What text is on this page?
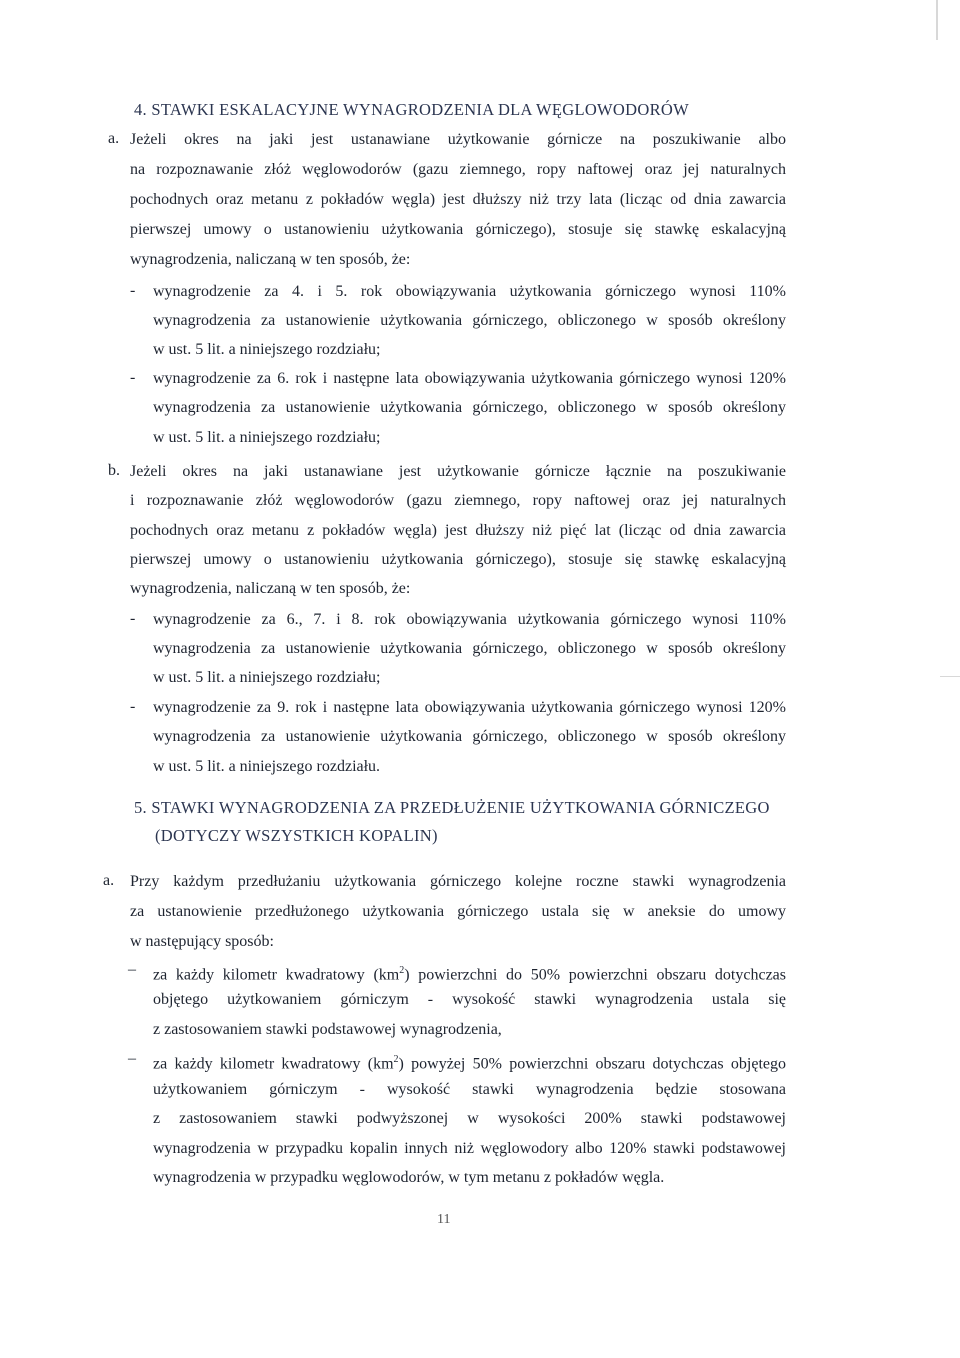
4. STAWKI ESKALACYJNE WYNAGRODZENIA DLA WĘGLOWODORÓW
a. Jeżeli okres na jaki jest ustanawiane użytkowanie górnicze na poszukiwanie albo
na rozpoznawanie złóż węglowodorów (gazu ziemnego, ropy naftowej oraz jej naturalnych
pochodnych oraz metanu z pokładów węgla) jest dłuższy niż trzy lata (licząc od dnia zawarcia
pierwszej umowy o ustanowieniu użytkowania górniczego), stosuje się stawkę eskalacyjną
wynagrodzenia, naliczaną w ten sposób, że:
- wynagrodzenie za 4. i 5. rok obowiązywania użytkowania górniczego wynosi 110%
wynagrodzenia za ustanowienie użytkowania górniczego, obliczonego w sposób określony
w ust. 5 lit. a niniejszego rozdziału;
- wynagrodzenie za 6. rok i następne lata obowiązywania użytkowania górniczego wynosi 120%
wynagrodzenia za ustanowienie użytkowania górniczego, obliczonego w sposób określony
w ust. 5 lit. a niniejszego rozdziału;
b. Jeżeli okres na jaki ustanawiane jest użytkowanie górnicze łącznie na poszukiwanie
i rozpoznawanie złóż węglowodorów (gazu ziemnego, ropy naftowej oraz jej naturalnych
pochodnych oraz metanu z pokładów węgla) jest dłuższy niż pięć lat (licząc od dnia zawarcia
pierwszej umowy o ustanowieniu użytkowania górniczego), stosuje się stawkę eskalacyjną
wynagrodzenia, naliczaną w ten sposób, że:
- wynagrodzenie za 6., 7. i 8. rok obowiązywania użytkowania górniczego wynosi 110%
wynagrodzenia za ustanowienie użytkowania górniczego, obliczonego w sposób określony
w ust. 5 lit. a niniejszego rozdziału;
- wynagrodzenie za 9. rok i następne lata obowiązywania użytkowania górniczego wynosi 120%
wynagrodzenia za ustanowienie użytkowania górniczego, obliczonego w sposób określony
w ust. 5 lit. a niniejszego rozdziału.
5. STAWKI WYNAGRODZENIA ZA PRZEDŁUŻENIE UŻYTKOWANIA GÓRNICZEGO
(DOTYCZY WSZYSTKICH KOPALIN)
a. Przy każdym przedłużaniu użytkowania górniczego kolejne roczne stawki wynagrodzenia
za ustanowienie przedłużonego użytkowania górniczego ustala się w aneksie do umowy
w następujący sposób:
– za każdy kilometr kwadratowy $(km^2)$ powierzchni do 50% powierzchni obszaru dotychczas
objętego użytkowaniem górniczym - wysokość stawki wynagrodzenia ustala się
z zastosowaniem stawki podstawowej wynagrodzenia,
– za każdy kilometr kwadratowy $(km^2)$ powyżej 50% powierzchni obszaru dotychczas objętego
użytkowaniem górniczym - wysokość stawki wynagrodzenia będzie stosowana
z zastosowaniem stawki podwyższonej w wysokości 200% stawki podstawowej
wynagrodzenia w przypadku kopalin innych niż węglowodory albo 120% stawki podstawowej
wynagrodzenia w przypadku węglowodorów, w tym metanu z pokładów węgla.
11
